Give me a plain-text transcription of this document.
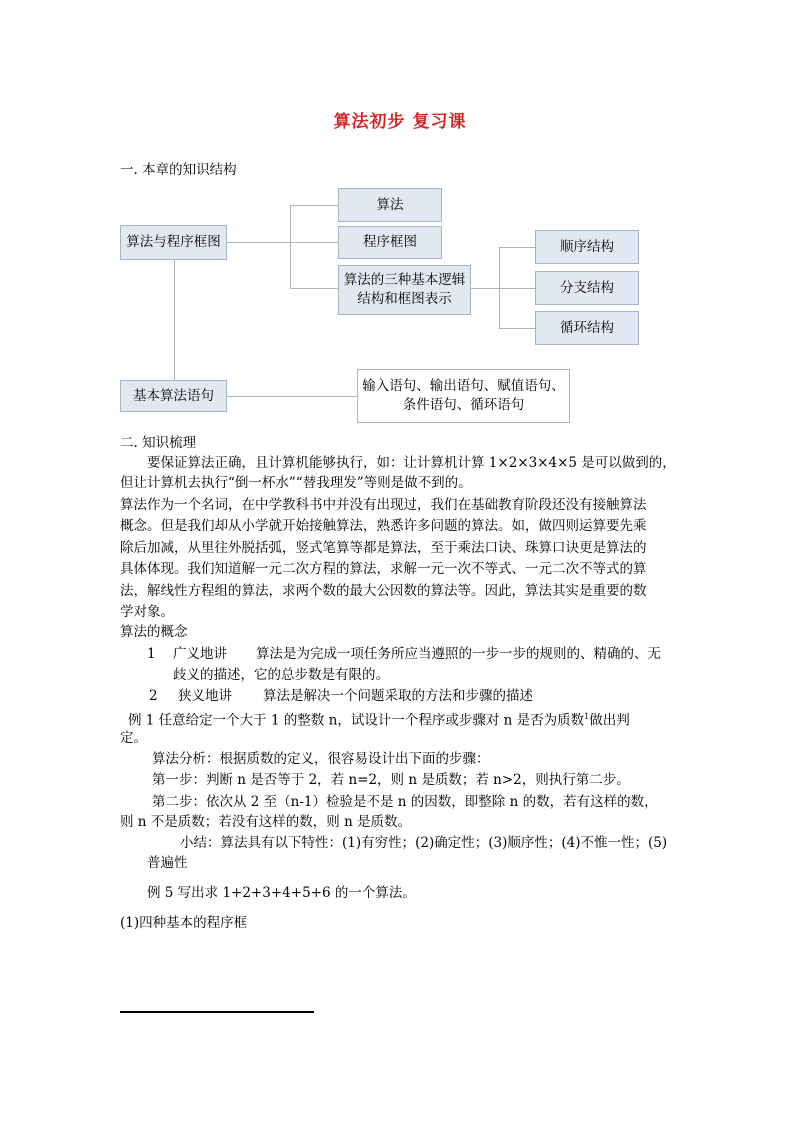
算法初步 复习课
一. 本章的知识结构
算法与程序框图
算法
程序框图
算法的三种基本逻辑
结构和框图表示
顺序结构
分支结构
循环结构
基本算法语句
输入语句、输出语句、赋值语句、
条件语句、循环语句
二. 知识梳理
要保证算法正确，且计算机能够执行，如：让计算机计算 1×2×3×4×5 是可以做到的，
但让计算机去执行“倒一杯水”“替我理发”等则是做不到的。
算法作为一个名词，在中学教科书中并没有出现过，我们在基础教育阶段还没有接触算法
概念。但是我们却从小学就开始接触算法，熟悉许多问题的算法。如，做四则运算要先乘
除后加减，从里往外脱括弧，竖式笔算等都是算法，至于乘法口诀、珠算口诀更是算法的
具体体现。我们知道解一元二次方程的算法，求解一元一次不等式、一元二次不等式的算
法，解线性方程组的算法，求两个数的最大公因数的算法等。因此，算法其实是重要的数
学对象。
算法的概念
1 广义地讲 算法是为完成一项任务所应当遵照的一步一步的规则的、精确的、无
歧义的描述，它的总步数是有限的。
2 狭义地讲 算法是解决一个问题采取的方法和步骤的描述
例 1 任意给定一个大于 1 的整数 n，试设计一个程序或步骤对 n 是否为质数$^1$做出判
定。
算法分析：根据质数的定义，很容易设计出下面的步骤：
第一步：判断 n 是否等于 2，若 n=2，则 n 是质数；若 n>2，则执行第二步。
第二步：依次从 2 至（n-1）检验是不是 n 的因数，即整除 n 的数，若有这样的数，
则 n 不是质数；若没有这样的数，则 n 是质数。
小结：算法具有以下特性：(1)有穷性；(2)确定性；(3)顺序性；(4)不惟一性；(5)
普遍性
例 5 写出求 1+2+3+4+5+6 的一个算法。
(1)四种基本的程序框
